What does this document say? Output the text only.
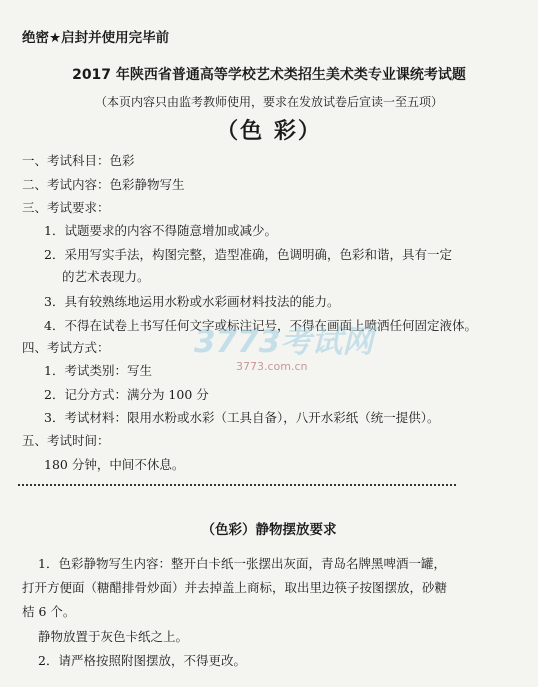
绝密★启封并使用完毕前
2017 年陕西省普通高等学校艺术类招生美术类专业课统考试题
（本页内容只由监考教师使用，要求在发放试卷后宣读一至五项）
（色 彩）
一、考试科目：色彩
二、考试内容：色彩静物写生
三、考试要求：
1．试题要求的内容不得随意增加或减少。
2．采用写实手法，构图完整，造型准确，色调明确，色彩和谐，具有一定
的艺术表现力。
3．具有较熟练地运用水粉或水彩画材料技法的能力。
4．不得在试卷上书写任何文字或标注记号，不得在画面上喷洒任何固定液体。
四、考试方式：
1．考试类别：写生
2．记分方式：满分为 100 分
3．考试材料：限用水粉或水彩（工具自备），八开水彩纸（统一提供）。
五、考试时间：
180 分钟，中间不休息。
（色彩）静物摆放要求
1．色彩静物写生内容：整开白卡纸一张摆出灰面，青岛名牌黑啤酒一罐，
打开方便面（糖醋排骨炒面）并去掉盖上商标，取出里边筷子按图摆放，砂糖
桔 6 个。
静物放置于灰色卡纸之上。
2．请严格按照附图摆放，不得更改。
3773考试网
3773.com.cn
